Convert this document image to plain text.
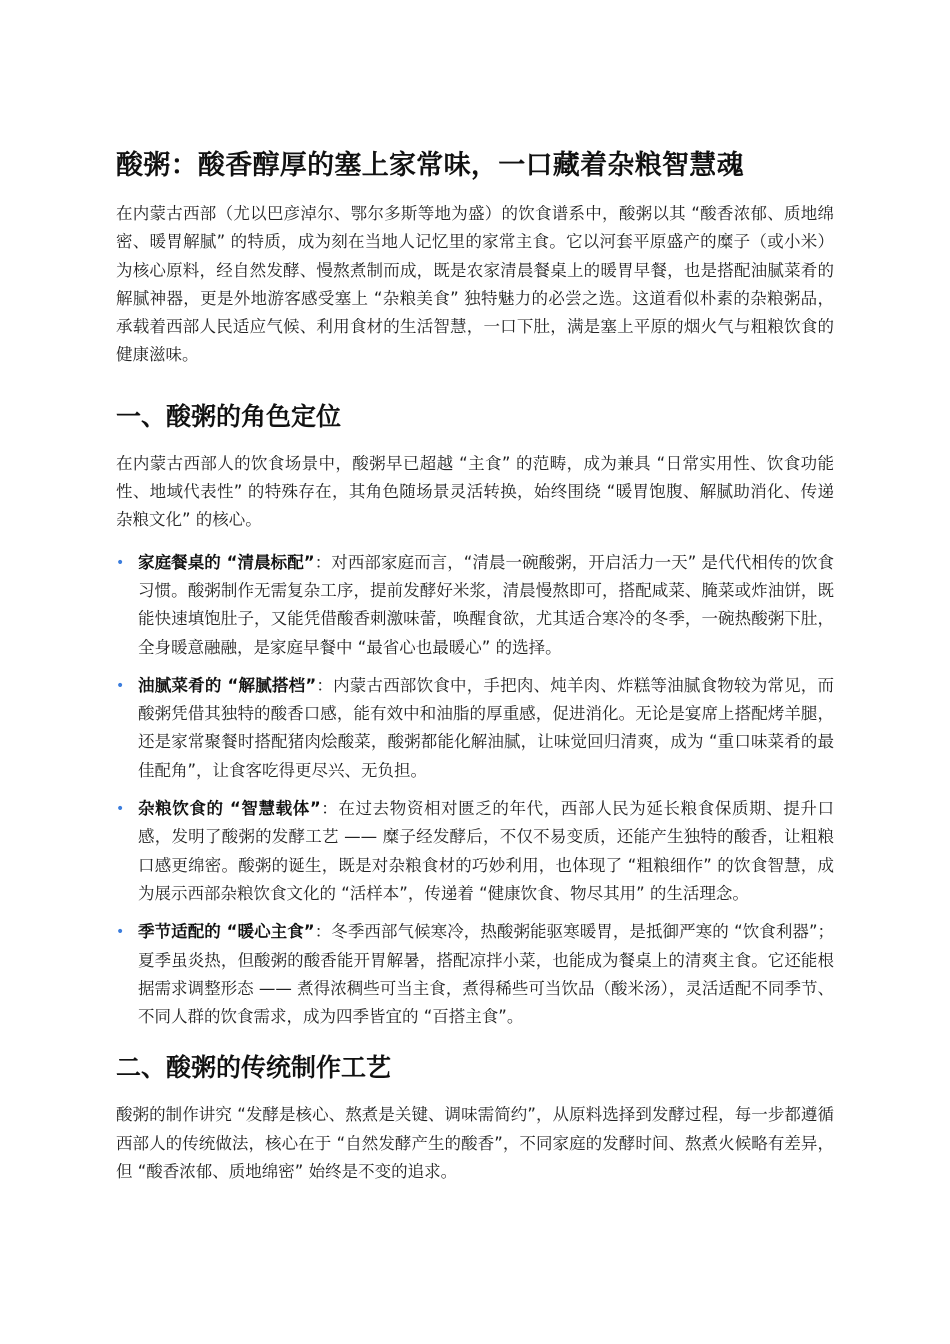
酸粥：酸香醇厚的塞上家常味，一口藏着杂粮智慧魂

在内蒙古西部（尤以巴彦淖尔、鄂尔多斯等地为盛）的饮食谱系中，酸粥以其 “酸香浓郁、质地绵密、暖胃解腻” 的特质，成为刻在当地人记忆里的家常主食。它以河套平原盛产的糜子（或小米）为核心原料，经自然发酵、慢熬煮制而成，既是农家清晨餐桌上的暖胃早餐，也是搭配油腻菜肴的解腻神器，更是外地游客感受塞上 “杂粮美食” 独特魅力的必尝之选。这道看似朴素的杂粮粥品，承载着西部人民适应气候、利用食材的生活智慧，一口下肚，满是塞上平原的烟火气与粗粮饮食的健康滋味。

一、酸粥的角色定位

在内蒙古西部人的饮食场景中，酸粥早已超越 “主食” 的范畴，成为兼具 “日常实用性、饮食功能性、地域代表性” 的特殊存在，其角色随场景灵活转换，始终围绕 “暖胃饱腹、解腻助消化、传递杂粮文化” 的核心。

• 家庭餐桌的 “清晨标配”：对西部家庭而言，“清晨一碗酸粥，开启活力一天” 是代代相传的饮食习惯。酸粥制作无需复杂工序，提前发酵好米浆，清晨慢熬即可，搭配咸菜、腌菜或炸油饼，既能快速填饱肚子，又能凭借酸香刺激味蕾，唤醒食欲，尤其适合寒冷的冬季，一碗热酸粥下肚，全身暖意融融，是家庭早餐中 “最省心也最暖心” 的选择。
• 油腻菜肴的 “解腻搭档”：内蒙古西部饮食中，手把肉、炖羊肉、炸糕等油腻食物较为常见，而酸粥凭借其独特的酸香口感，能有效中和油脂的厚重感，促进消化。无论是宴席上搭配烤羊腿，还是家常聚餐时搭配猪肉烩酸菜，酸粥都能化解油腻，让味觉回归清爽，成为 “重口味菜肴的最佳配角”，让食客吃得更尽兴、无负担。
• 杂粮饮食的 “智慧载体”：在过去物资相对匮乏的年代，西部人民为延长粮食保质期、提升口感，发明了酸粥的发酵工艺 —— 糜子经发酵后，不仅不易变质，还能产生独特的酸香，让粗粮口感更绵密。酸粥的诞生，既是对杂粮食材的巧妙利用，也体现了 “粗粮细作” 的饮食智慧，成为展示西部杂粮饮食文化的 “活样本”，传递着 “健康饮食、物尽其用” 的生活理念。
• 季节适配的 “暖心主食”：冬季西部气候寒冷，热酸粥能驱寒暖胃，是抵御严寒的 “饮食利器”；夏季虽炎热，但酸粥的酸香能开胃解暑，搭配凉拌小菜，也能成为餐桌上的清爽主食。它还能根据需求调整形态 —— 煮得浓稠些可当主食，煮得稀些可当饮品（酸米汤），灵活适配不同季节、不同人群的饮食需求，成为四季皆宜的 “百搭主食”。
二、酸粥的传统制作工艺

酸粥的制作讲究 “发酵是核心、熬煮是关键、调味需简约”，从原料选择到发酵过程，每一步都遵循西部人的传统做法，核心在于 “自然发酵产生的酸香”，不同家庭的发酵时间、熬煮火候略有差异，但 “酸香浓郁、质地绵密” 始终是不变的追求。
